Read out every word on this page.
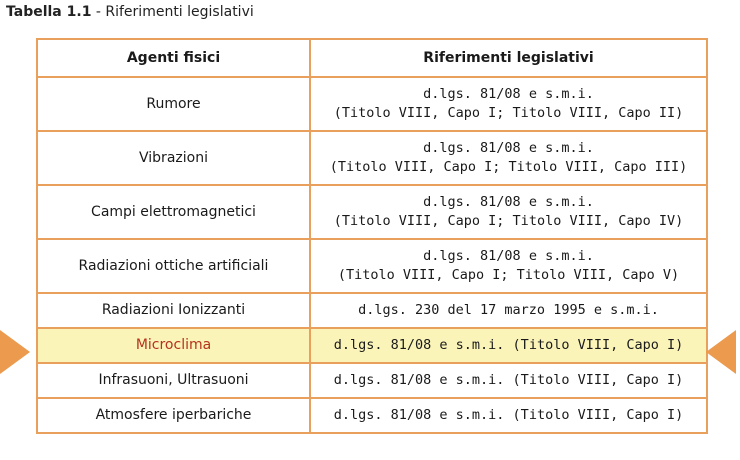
Tabella 1.1 - Riferimenti legislativi
Agenti fisici	Riferimenti legislativi
Rumore	d.lgs. 81/08 e s.m.i.
(Titolo VIII, Capo I; Titolo VIII, Capo II)

Vibrazioni	d.lgs. 81/08 e s.m.i.
(Titolo VIII, Capo I; Titolo VIII, Capo III)

Campi elettromagnetici	d.lgs. 81/08 e s.m.i.
(Titolo VIII, Capo I; Titolo VIII, Capo IV)

Radiazioni ottiche artificiali	d.lgs. 81/08 e s.m.i.
(Titolo VIII, Capo I; Titolo VIII, Capo V)

Radiazioni Ionizzanti	d.lgs. 230 del 17 marzo 1995 e s.m.i.
Microclima	d.lgs. 81/08 e s.m.i. (Titolo VIII, Capo I)
Infrasuoni, Ultrasuoni	d.lgs. 81/08 e s.m.i. (Titolo VIII, Capo I)
Atmosfere iperbariche	d.lgs. 81/08 e s.m.i. (Titolo VIII, Capo I)
